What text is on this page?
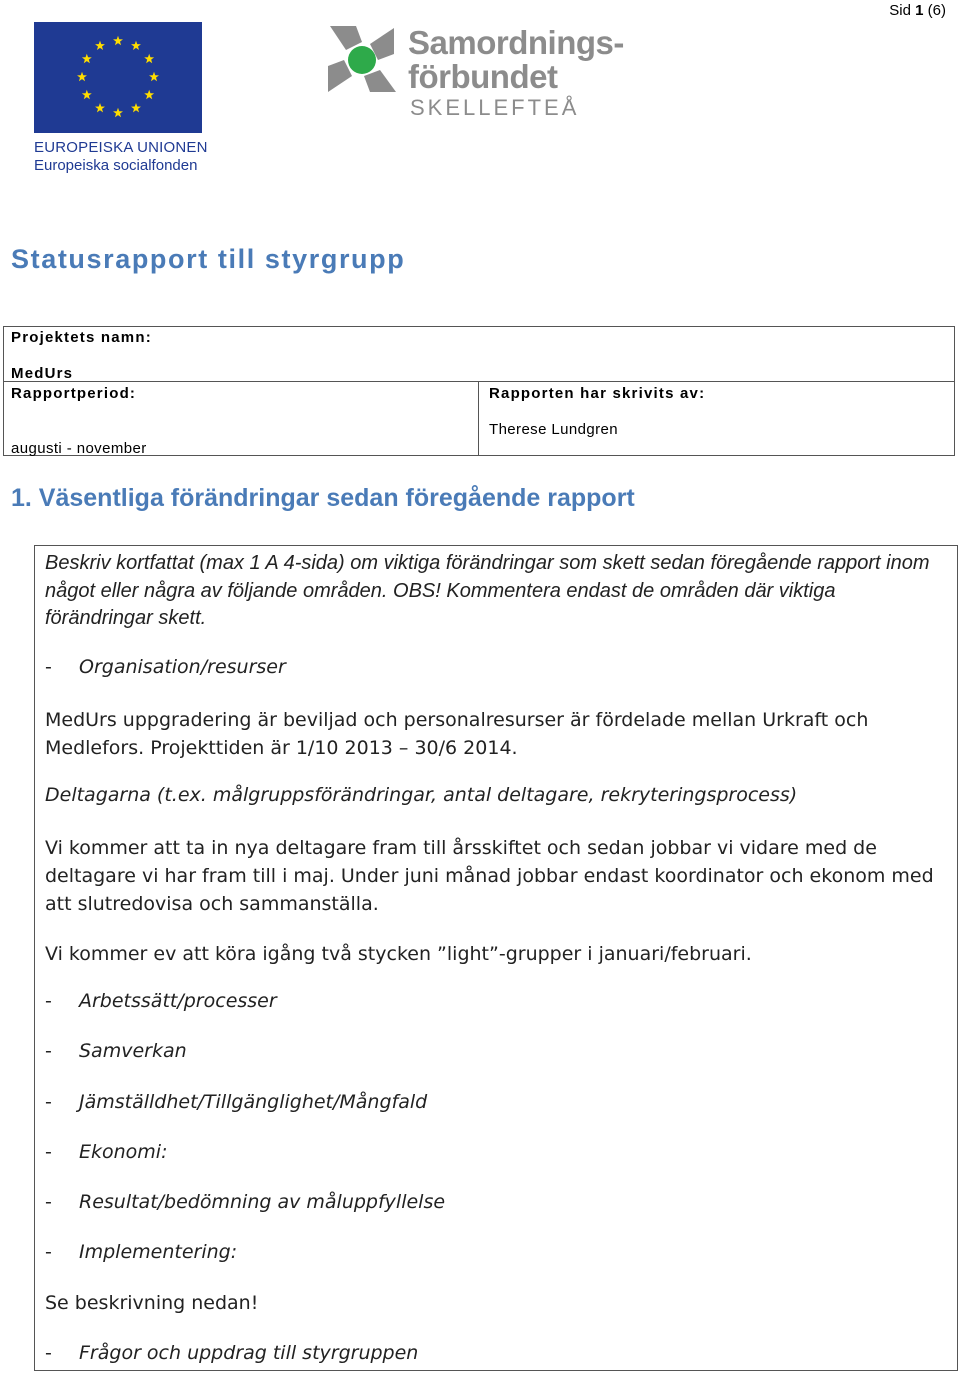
Sid 1 (6)
EUROPEISKA UNIONEN
Europeiska socialfonden
Samordnings-
förbundet
SKELLEFTEÅ
Statusrapport till styrgrupp
Projektets namn:
MedUrs
Rapportperiod:
augusti - november
Rapporten har skrivits av:
Therese Lundgren
1. Väsentliga förändringar sedan föregående rapport
Beskriv kortfattat (max 1 A 4-sida) om viktiga förändringar som skett sedan föregående rapport inom något eller några av följande områden. OBS! Kommentera endast de områden där viktiga förändringar skett.
- Organisation/resurser
MedUrs uppgradering är beviljad och personalresurser är fördelade mellan Urkraft och Medlefors. Projekttiden är 1/10 2013 – 30/6 2014.
Deltagarna (t.ex. målgruppsförändringar, antal deltagare, rekryteringsprocess)
Vi kommer att ta in nya deltagare fram till årsskiftet och sedan jobbar vi vidare med de deltagare vi har fram till i maj. Under juni månad jobbar endast koordinator och ekonom med att slutredovisa och sammanställa.
Vi kommer ev att köra igång två stycken ”light”-grupper i januari/februari.
- Arbetssätt/processer
- Samverkan
- Jämställdhet/Tillgänglighet/Mångfald
- Ekonomi:
- Resultat/bedömning av måluppfyllelse
- Implementering:
Se beskrivning nedan!
- Frågor och uppdrag till styrgruppen
